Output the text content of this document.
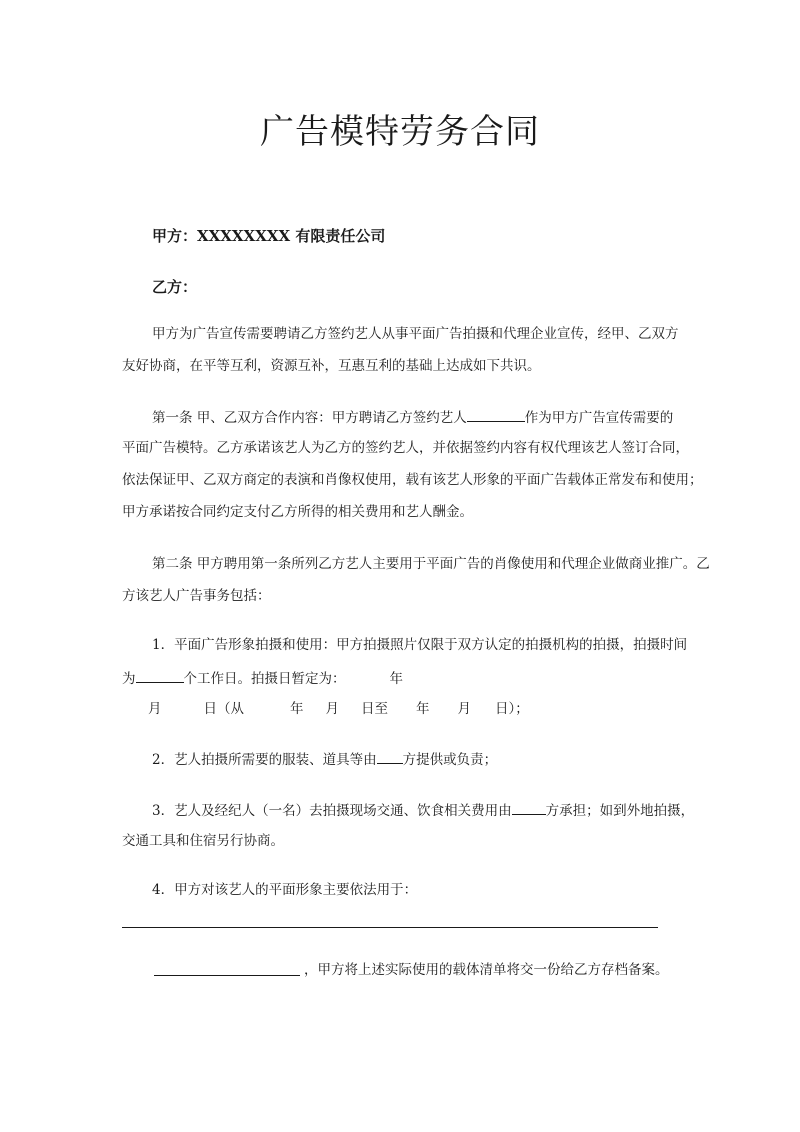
广告模特劳务合同

甲方：XXXXXXXX 有限责任公司

乙方：

甲方为广告宣传需要聘请乙方签约艺人从事平面广告拍摄和代理企业宣传，经甲、乙双方

友好协商，在平等互利，资源互补，互惠互利的基础上达成如下共识。

第一条 甲、乙双方合作内容：甲方聘请乙方签约艺人	作为甲方广告宣传需要的

平面广告模特。乙方承诺该艺人为乙方的签约艺人，并依据签约内容有权代理该艺人签订合同，

依法保证甲、乙双方商定的表演和肖像权使用，载有该艺人形象的平面广告载体正常发布和使用；

甲方承诺按合同约定支付乙方所得的相关费用和艺人酬金。

第二条 甲方聘用第一条所列乙方艺人主要用于平面广告的肖像使用和代理企业做商业推广。乙

方该艺人广告事务包括：

1．平面广告形象拍摄和使用：甲方拍摄照片仅限于双方认定的拍摄机构的拍摄，拍摄时间

为	个工作日。拍摄日暂定为：	年

月	日（从	年 月 日至 年 月 日）；

2．艺人拍摄所需要的服装、道具等由 方提供或负责；

3．艺人及经纪人（一名）去拍摄现场交通、饮食相关费用由	方承担；如到外地拍摄，

交通工具和住宿另行协商。

4．甲方对该艺人的平面形象主要依法用于：

，甲方将上述实际使用的载体清单将交一份给乙方存档备案。
